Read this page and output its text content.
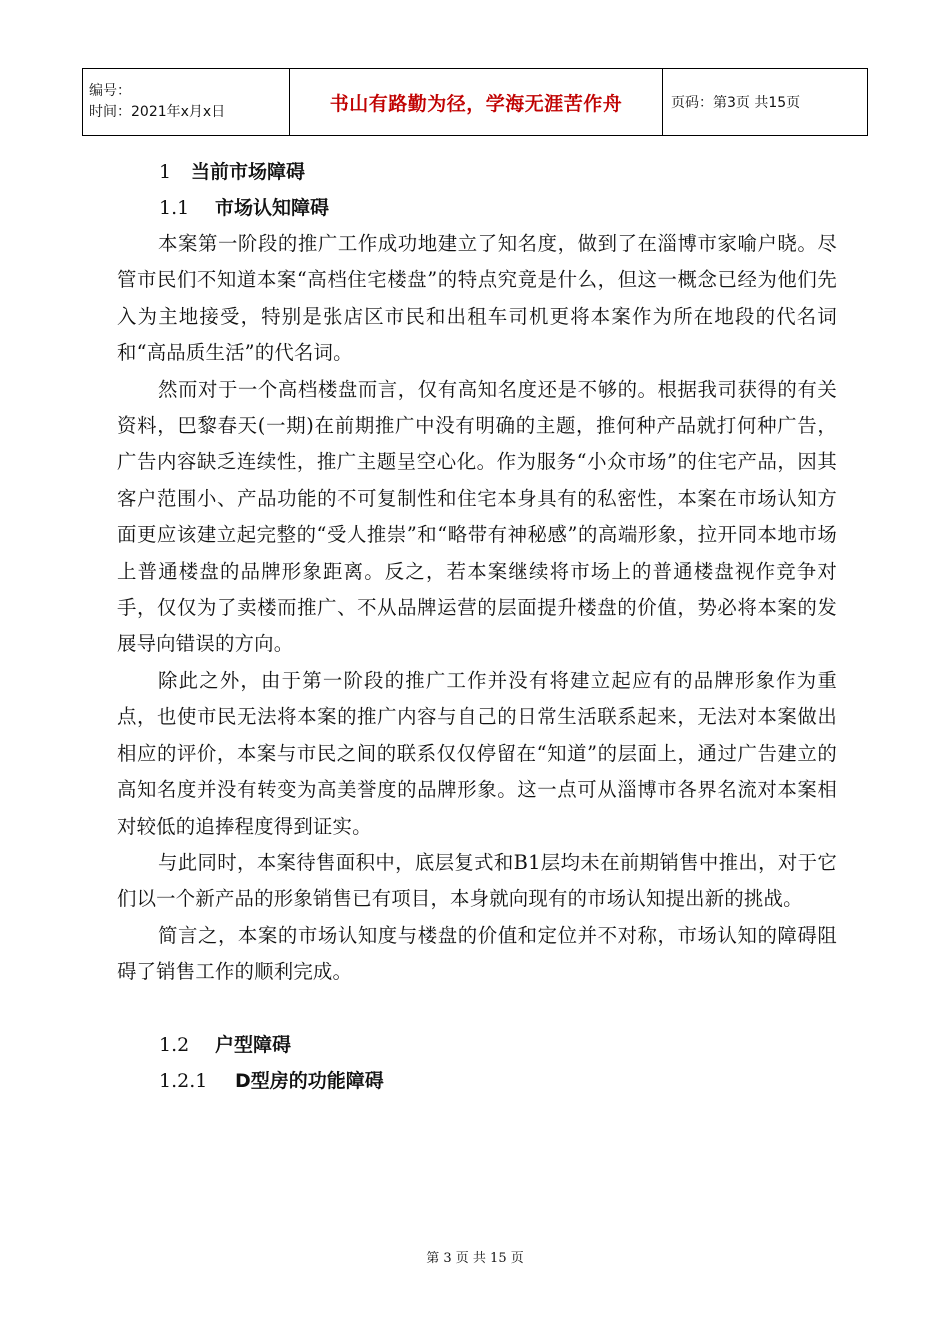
编号：
时间：2021年x月x日	书山有路勤为径，学海无涯苦作舟	页码：第3页 共15页
1 当前市场障碍
1.1 市场认知障碍

本案第一阶段的推广工作成功地建立了知名度，做到了在淄博市家喻户晓。尽管市民们不知道本案“高档住宅楼盘”的特点究竟是什么，但这一概念已经为他们先入为主地接受，特别是张店区市民和出租车司机更将本案作为所在地段的代名词和“高品质生活”的代名词。

然而对于一个高档楼盘而言，仅有高知名度还是不够的。根据我司获得的有关资料，巴黎春天(一期)在前期推广中没有明确的主题，推何种产品就打何种广告，广告内容缺乏连续性，推广主题呈空心化。作为服务“小众市场”的住宅产品，因其客户范围小、产品功能的不可复制性和住宅本身具有的私密性，本案在市场认知方面更应该建立起完整的“受人推崇”和“略带有神秘感”的高端形象，拉开同本地市场上普通楼盘的品牌形象距离。反之，若本案继续将市场上的普通楼盘视作竞争对手，仅仅为了卖楼而推广、不从品牌运营的层面提升楼盘的价值，势必将本案的发展导向错误的方向。

除此之外，由于第一阶段的推广工作并没有将建立起应有的品牌形象作为重点，也使市民无法将本案的推广内容与自己的日常生活联系起来，无法对本案做出相应的评价，本案与市民之间的联系仅仅停留在“知道”的层面上，通过广告建立的高知名度并没有转变为高美誉度的品牌形象。这一点可从淄博市各界名流对本案相对较低的追捧程度得到证实。

与此同时，本案待售面积中，底层复式和B1层均未在前期销售中推出，对于它们以一个新产品的形象销售已有项目，本身就向现有的市场认知提出新的挑战。

简言之，本案的市场认知度与楼盘的价值和定位并不对称，市场认知的障碍阻碍了销售工作的顺利完成。

1.2 户型障碍
1.2.1 D型房的功能障碍
第 3 页 共 15 页
